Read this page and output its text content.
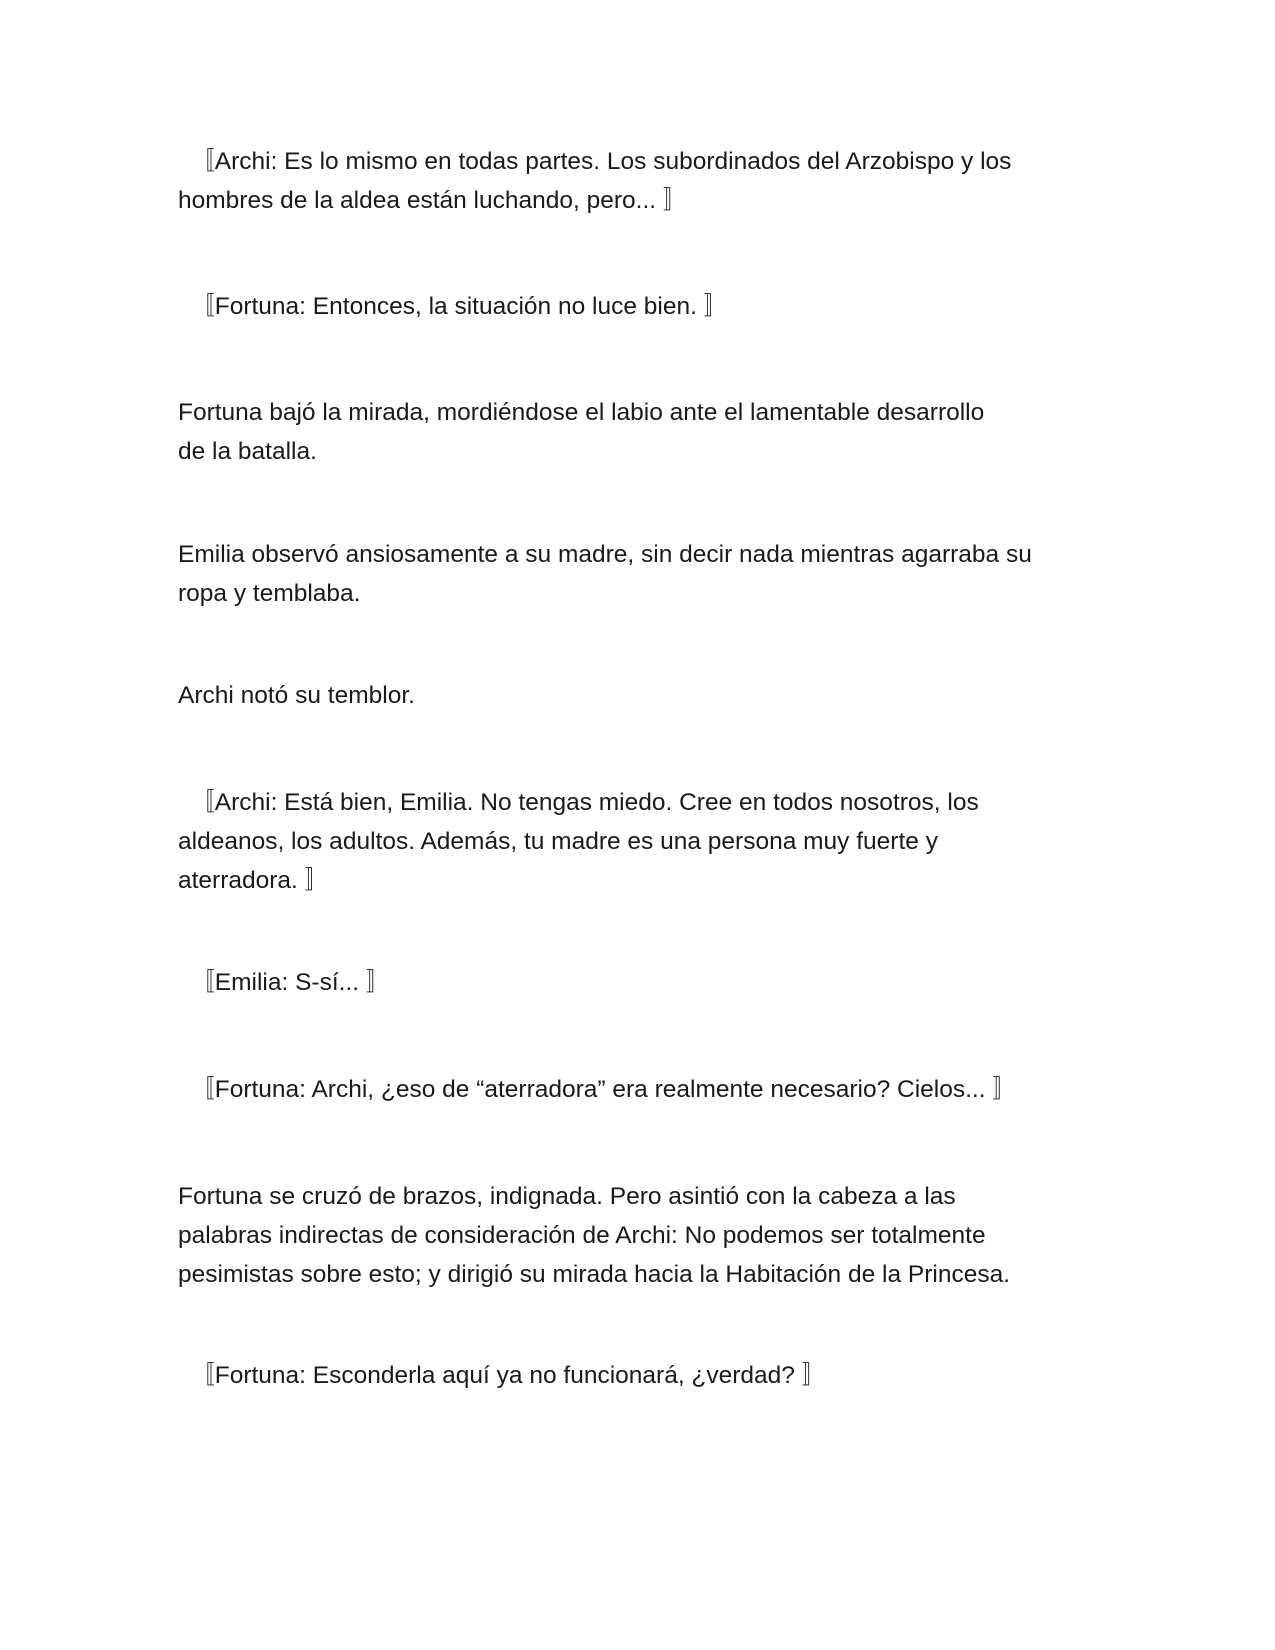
　〚Archi: Es lo mismo en todas partes. Los subordinados del Arzobispo y los
hombres de la aldea están luchando, pero... 〛

　〚Fortuna: Entonces, la situación no luce bien. 〛

Fortuna bajó la mirada, mordiéndose el labio ante el lamentable desarrollo
de la batalla.

Emilia observó ansiosamente a su madre, sin decir nada mientras agarraba su
ropa y temblaba.

Archi notó su temblor.

　〚Archi: Está bien, Emilia. No tengas miedo. Cree en todos nosotros, los
aldeanos, los adultos. Además, tu madre es una persona muy fuerte y
aterradora. 〛

　〚Emilia: S-sí... 〛

　〚Fortuna: Archi, ¿eso de “aterradora” era realmente necesario? Cielos... 〛

Fortuna se cruzó de brazos, indignada. Pero asintió con la cabeza a las
palabras indirectas de consideración de Archi: No podemos ser totalmente
pesimistas sobre esto; y dirigió su mirada hacia la Habitación de la Princesa.

　〚Fortuna: Esconderla aquí ya no funcionará, ¿verdad? 〛
